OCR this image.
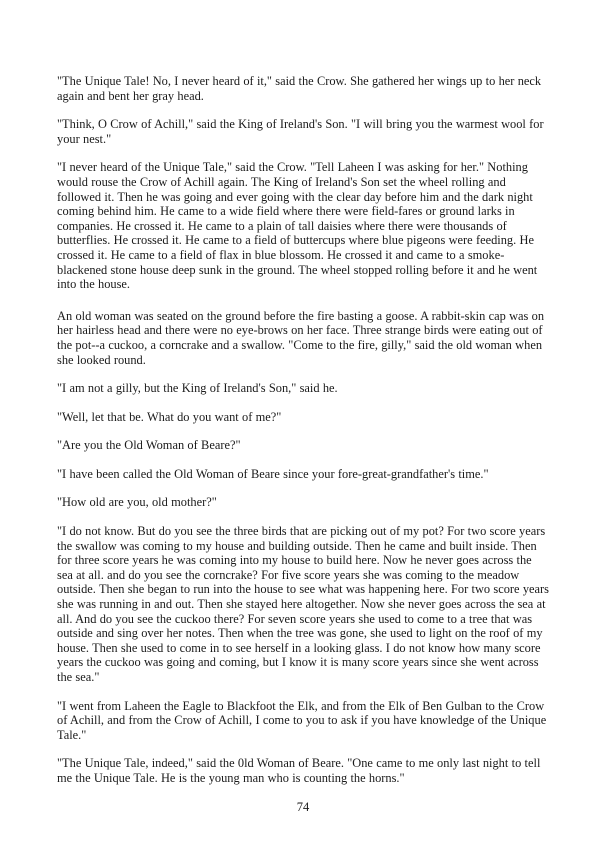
"The Unique Tale! No, I never heard of it," said the Crow. She gathered her wings up to her neck again and bent her gray head.

"Think, O Crow of Achill," said the King of Ireland's Son. "I will bring you the warmest wool for your nest."

"I never heard of the Unique Tale," said the Crow. "Tell Laheen I was asking for her." Nothing would rouse the Crow of Achill again. The King of Ireland's Son set the wheel rolling and followed it. Then he was going and ever going with the clear day before him and the dark night coming behind him. He came to a wide field where there were field-fares or ground larks in companies. He crossed it. He came to a plain of tall daisies where there were thousands of butterflies. He crossed it. He came to a field of buttercups where blue pigeons were feeding. He crossed it. He came to a field of flax in blue blossom. He crossed it and came to a smoke-blackened stone house deep sunk in the ground. The wheel stopped rolling before it and he went into the house.

An old woman was seated on the ground before the fire basting a goose. A rabbit-skin cap was on her hairless head and there were no eye-brows on her face. Three strange birds were eating out of the pot--a cuckoo, a corncrake and a swallow. "Come to the fire, gilly," said the old woman when she looked round.

"I am not a gilly, but the King of Ireland's Son," said he.

"Well, let that be. What do you want of me?"

"Are you the Old Woman of Beare?"

"I have been called the Old Woman of Beare since your fore-great-grandfather's time."

"How old are you, old mother?"

"I do not know. But do you see the three birds that are picking out of my pot? For two score years the swallow was coming to my house and building outside. Then he came and built inside. Then for three score years he was coming into my house to build here. Now he never goes across the sea at all. and do you see the corncrake? For five score years she was coming to the meadow outside. Then she began to run into the house to see what was happening here. For two score years she was running in and out. Then she stayed here altogether. Now she never goes across the sea at all. And do you see the cuckoo there? For seven score years she used to come to a tree that was outside and sing over her notes. Then when the tree was gone, she used to light on the roof of my house. Then she used to come in to see herself in a looking glass. I do not know how many score years the cuckoo was going and coming, but I know it is many score years since she went across the sea."

"I went from Laheen the Eagle to Blackfoot the Elk, and from the Elk of Ben Gulban to the Crow of Achill, and from the Crow of Achill, I come to you to ask if you have knowledge of the Unique Tale."

"The Unique Tale, indeed," said the 0ld Woman of Beare. "One came to me only last night to tell me the Unique Tale. He is the young man who is counting the horns."

74
